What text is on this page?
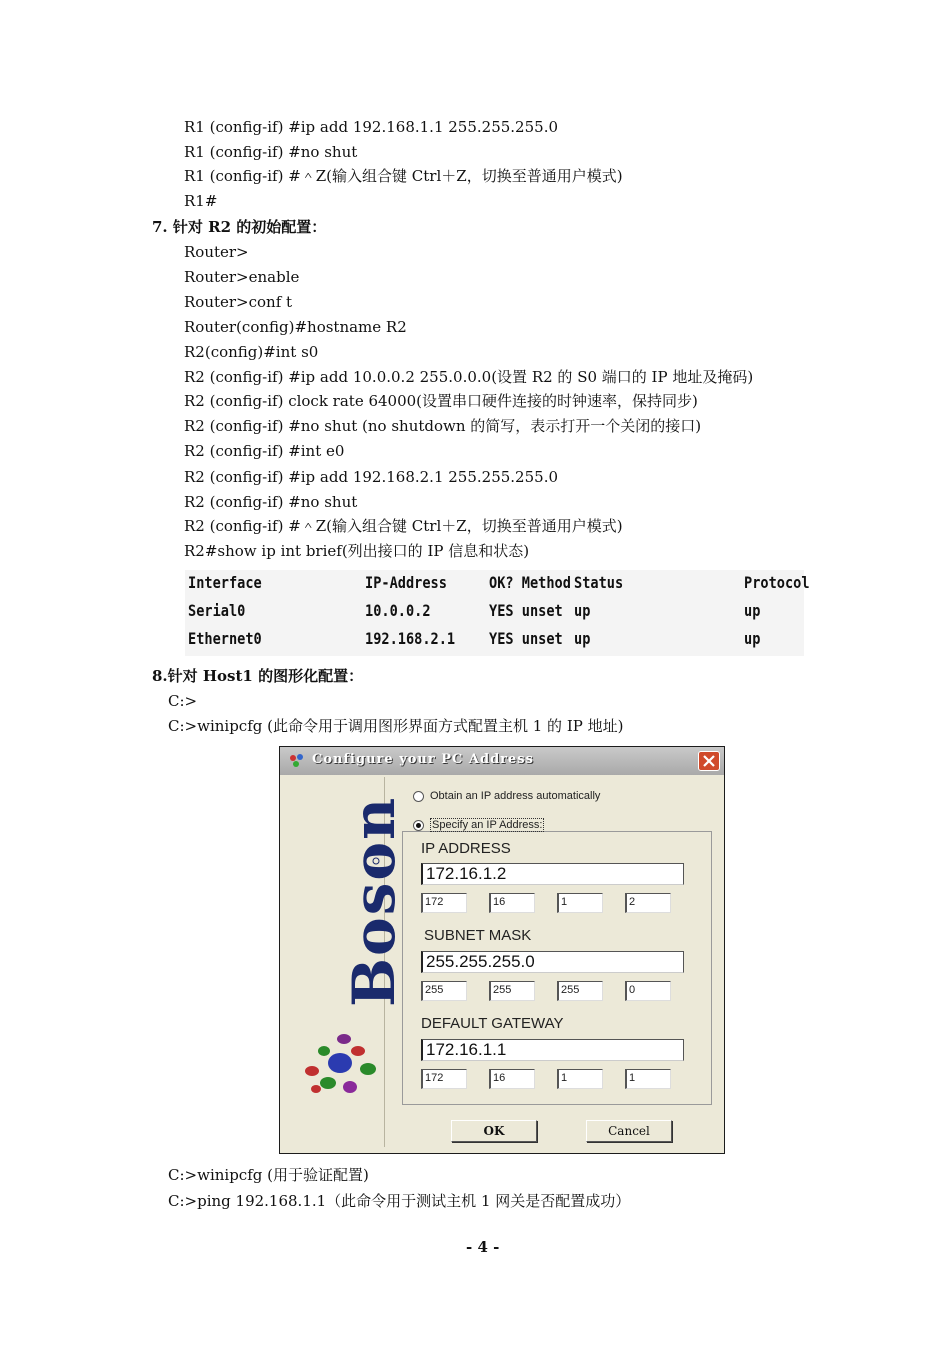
R1 (config-if) #ip add 192.168.1.1 255.255.255.0
R1 (config-if) #no shut
R1 (config-if) #＾Z(输入组合键 Ctrl＋Z，切换至普通用户模式)
R1#
7. 针对 R2 的初始配置：
Router>
Router>enable
Router>conf t
Router(config)#hostname R2
R2(config)#int s0
R2 (config-if) #ip add 10.0.0.2 255.0.0.0(设置 R2 的 S0 端口的 IP 地址及掩码)
R2 (config-if) clock rate 64000(设置串口硬件连接的时钟速率，保持同步)
R2 (config-if) #no shut (no shutdown 的简写，表示打开一个关闭的接口)
R2 (config-if) #int e0
R2 (config-if) #ip add 192.168.2.1 255.255.255.0
R2 (config-if) #no shut
R2 (config-if) #＾Z(输入组合键 Ctrl＋Z，切换至普通用户模式)
R2#show ip int brief(列出接口的 IP 信息和状态)
Interface	IP-Address	OK? Method Status	Protocol
Serial0	10.0.0.2	YES unset up	up
Ethernet0	192.168.2.1 YES unset up	up
8.针对 Host1 的图形化配置：
C:>
C:>winipcfg (此命令用于调用图形界面方式配置主机 1 的 IP 地址)
Configure your PC Address
Boson	Obtain an IP address automatically
Specify an IP Address:
IP ADDRESS
172.16.1.2
172	16	1	2
SUBNET MASK
255.255.255.0
255	255	255	0
DEFAULT GATEWAY
172.16.1.1
172	16	1	1
OK	Cancel
C:>winipcfg (用于验证配置)
C:>ping 192.168.1.1（此命令用于测试主机 1 网关是否配置成功）
- 4 -
